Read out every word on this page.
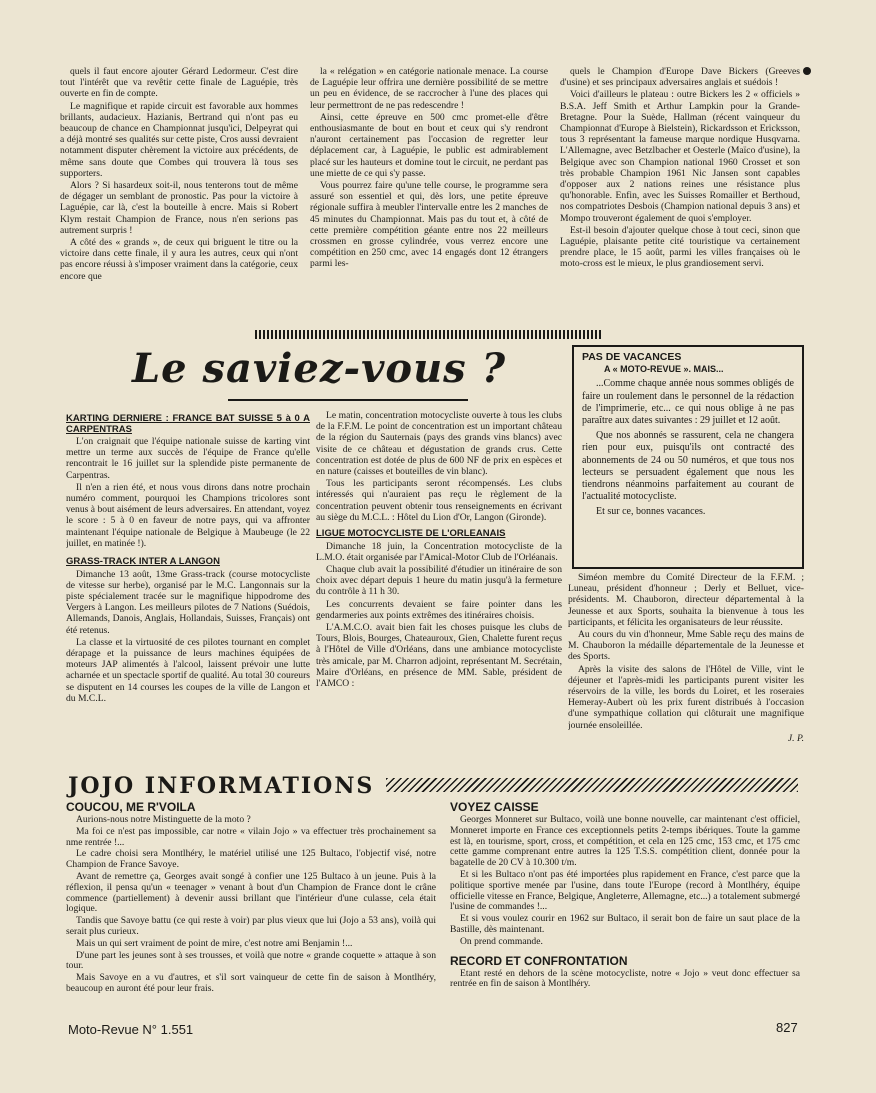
quels il faut encore ajouter Gérard Ledormeur. C'est dire tout l'intérêt que va revêtir cette finale de Laguépie, très ouverte en fin de compte.

Le magnifique et rapide circuit est favorable aux hommes brillants, audacieux. Hazianis, Bertrand qui n'ont pas eu beaucoup de chance en Championnat jusqu'ici, Delpeyrat qui a déjà montré ses qualités sur cette piste, Cros aussi devraient notamment disputer chèrement la victoire aux précédents, de même sans doute que Combes qui trouvera là tous ses supporters.

Alors ? Si hasardeux soit-il, nous tenterons tout de même de dégager un semblant de pronostic. Pas pour la victoire à Laguépie, car là, c'est la bouteille à encre. Mais si Robert Klym restait Champion de France, nous n'en serions pas autrement surpris !

A côté des « grands », de ceux qui briguent le titre ou la victoire dans cette finale, il y aura les autres, ceux qui n'ont pas encore réussi à s'imposer vraiment dans la catégorie, ceux encore que

la « relégation » en catégorie nationale menace. La course de Laguépie leur offrira une dernière possibilité de se mettre un peu en évidence, de se raccrocher à l'une des places qui leur permettront de ne pas redescendre !

Ainsi, cette épreuve en 500 cmc promet-elle d'être enthousiasmante de bout en bout et ceux qui s'y rendront n'auront certainement pas l'occasion de regretter leur déplacement car, à Laguépie, le public est admirablement placé sur les hauteurs et domine tout le circuit, ne perdant pas une miette de ce qui s'y passe.

Vous pourrez faire qu'une telle course, le programme sera assuré son essentiel et qui, dès lors, une petite épreuve régionale suffira à meubler l'intervalle entre les 2 manches de 45 minutes du Championnat. Mais pas du tout et, à côté de cette première compétition géante entre nos 22 meilleurs crossmen en grosse cylindrée, vous verrez encore une compétition en 250 cmc, avec 14 engagés dont 12 étrangers parmi les-

quels le Champion d'Europe Dave Bickers (Greeves d'usine) et ses principaux adversaires anglais et suédois !

Voici d'ailleurs le plateau : outre Bickers les 2 « officiels » B.S.A. Jeff Smith et Arthur Lampkin pour la Grande-Bretagne. Pour la Suède, Hallman (récent vainqueur du Championnat d'Europe à Bielstein), Rickardsson et Ericksson, tous 3 représentant la fameuse marque nordique Husqvarna. L'Allemagne, avec Betzlbacher et Oesterle (Maïco d'usine), la Belgique avec son Champion national 1960 Crosset et son très probable Champion 1961 Nic Jansen sont capables d'opposer aux 2 nations reines une résistance plus qu'honorable. Enfin, avec les Suisses Romailler et Berthoud, nos compatriotes Desbois (Champion national depuis 3 ans) et Mompo trouveront également de quoi s'employer.

Est-il besoin d'ajouter quelque chose à tout ceci, sinon que Laguépie, plaisante petite cité touristique va certainement prendre place, le 15 août, parmi les villes françaises où le moto-cross est le mieux, le plus grandiosement servi.

Le saviez-vous ?	PAS DE VACANCES

A « MOTO-REVUE ». MAIS...

...Comme chaque année nous sommes obligés de faire un roulement dans le personnel de la rédaction de l'imprimerie, etc... ce qui nous oblige à ne pas paraître aux dates suivantes : 29 juillet et 12 août.

Que nos abonnés se rassurent, cela ne changera rien pour eux, puisqu'ils ont contracté des abonnements de 24 ou 50 numéros, et que tous nos lecteurs se persuadent également que nous les tiendrons néanmoins parfaitement au courant de l'actualité motocycliste.

Et sur ce, bonnes vacances.

KARTING DERNIERE : FRANCE BAT SUISSE 5 à 0 A CARPENTRAS

L'on craignait que l'équipe nationale suisse de karting vint mettre un terme aux succès de l'équipe de France qu'elle rencontrait le 16 juillet sur la splendide piste permanente de Carpentras.

Il n'en a rien été, et nous vous dirons dans notre prochain numéro comment, pourquoi les Champions tricolores sont venus à bout aisément de leurs adversaires. En attendant, voyez le score : 5 à 0 en faveur de notre pays, qui va affronter maintenant l'équipe nationale de Belgique à Maubeuge (le 22 juillet, en matinée !).

GRASS-TRACK INTER A LANGON

Dimanche 13 août, 13me Grass-track (course motocycliste de vitesse sur herbe), organisé par le M.C. Langonnais sur la piste spécialement tracée sur le magnifique hippodrome des Vergers à Langon. Les meilleurs pilotes de 7 Nations (Suédois, Allemands, Danois, Anglais, Hollandais, Suisses, Français) ont été retenus.

La classe et la virtuosité de ces pilotes tournant en complet dérapage et la puissance de leurs machines équipées de moteurs JAP alimentés à l'alcool, laissent prévoir une lutte acharnée et un spectacle sportif de qualité. Au total 30 coureurs se disputent en 14 courses les coupes de la ville de Langon et du M.C.L.

Le matin, concentration motocycliste ouverte à tous les clubs de la F.F.M. Le point de concentration est un important château de la région du Sauternais (pays des grands vins blancs) avec visite de ce château et dégustation de grands crus. Cette concentration est dotée de plus de 600 NF de prix en espèces et en nature (caisses et bouteilles de vin blanc).

Tous les participants seront récompensés. Les clubs intéressés qui n'auraient pas reçu le règlement de la concentration peuvent obtenir tous renseignements en écrivant au siège du M.C.L. : Hôtel du Lion d'Or, Langon (Gironde).

LIGUE MOTOCYCLISTE DE L'ORLEANAIS

Dimanche 18 juin, la Concentration motocycliste de la L.M.O. était organisée par l'Amical-Motor Club de l'Orléanais.

Chaque club avait la possibilité d'étudier un itinéraire de son choix avec départ depuis 1 heure du matin jusqu'à la fermeture du contrôle à 11 h 30.

Les concurrents devaient se faire pointer dans les gendarmeries aux points extrêmes des itinéraires choisis.

L'A.M.C.O. avait bien fait les choses puisque les clubs de Tours, Blois, Bourges, Chateauroux, Gien, Chalette furent reçus à l'Hôtel de Ville d'Orléans, dans une ambiance motocycliste très amicale, par M. Charron adjoint, représentant M. Secrétain, Maire d'Orléans, en présence de MM. Sable, président de l'AMCO :

Siméon membre du Comité Directeur de la F.F.M. ; Luneau, président d'honneur ; Derly et Belluet, vice-présidents. M. Chauboron, directeur départemental à la Jeunesse et aux Sports, souhaita la bienvenue à tous les participants, et félicita les organisateurs de leur réussite.

Au cours du vin d'honneur, Mme Sable reçu des mains de M. Chauboron la médaille départementale de la Jeunesse et des Sports.

Après la visite des salons de l'Hôtel de Ville, vint le déjeuner et l'après-midi les participants purent visiter les réservoirs de la ville, les bords du Loiret, et les roseraies Hemeray-Aubert où les prix furent distribués à l'occasion d'une sympathique collation qui clôturait une magnifique journée ensoleillée.

J. P.
JOJO INFORMATIONS

COUCOU, ME R'VOILA

Aurions-nous notre Mistinguette de la moto ?

Ma foi ce n'est pas impossible, car notre « vilain Jojo » va effectuer très prochainement sa nme rentrée !...

Le cadre choisi sera Montlhéry, le matériel utilisé une 125 Bultaco, l'objectif visé, notre Champion de France Savoye.

Avant de remettre ça, Georges avait songé à confier une 125 Bultaco à un jeune. Puis à la réflexion, il pensa qu'un « teenager » venant à bout d'un Champion de France dont le crâne commence (partiellement) à devenir aussi brillant que l'intérieur d'une culasse, cela était logique.

Tandis que Savoye battu (ce qui reste à voir) par plus vieux que lui (Jojo a 53 ans), voilà qui serait plus curieux.

Mais un qui sert vraiment de point de mire, c'est notre ami Benjamin !...

D'une part les jeunes sont à ses trousses, et voilà que notre « grande coquette » attaque à son tour.

Mais Savoye en a vu d'autres, et s'il sort vainqueur de cette fin de saison à Montlhéry, beaucoup en auront été pour leur frais.

VOYEZ CAISSE

Georges Monneret sur Bultaco, voilà une bonne nouvelle, car maintenant c'est officiel, Monneret importe en France ces exceptionnels petits 2-temps ibériques. Toute la gamme est là, en tourisme, sport, cross, et compétition, et cela en 125 cmc, 153 cmc, et 175 cmc cette gamme comprenant entre autres la 125 T.S.S. compétition client, donnée pour la bagatelle de 20 CV à 10.300 t/m.

Et si les Bultaco n'ont pas été importées plus rapidement en France, c'est parce que la politique sportive menée par l'usine, dans toute l'Europe (record à Montlhéry, équipe officielle vitesse en France, Belgique, Angleterre, Allemagne, etc...) a totalement submergé l'usine de commandes !...

Et si vous voulez courir en 1962 sur Bultaco, il serait bon de faire un saut place de la Bastille, dès maintenant.

On prend commande.

RECORD ET CONFRONTATION

Etant resté en dehors de la scène motocycliste, notre « Jojo » veut donc effectuer sa rentrée en fin de saison à Montlhéry.

Moto-Revue N° 1.551	827
